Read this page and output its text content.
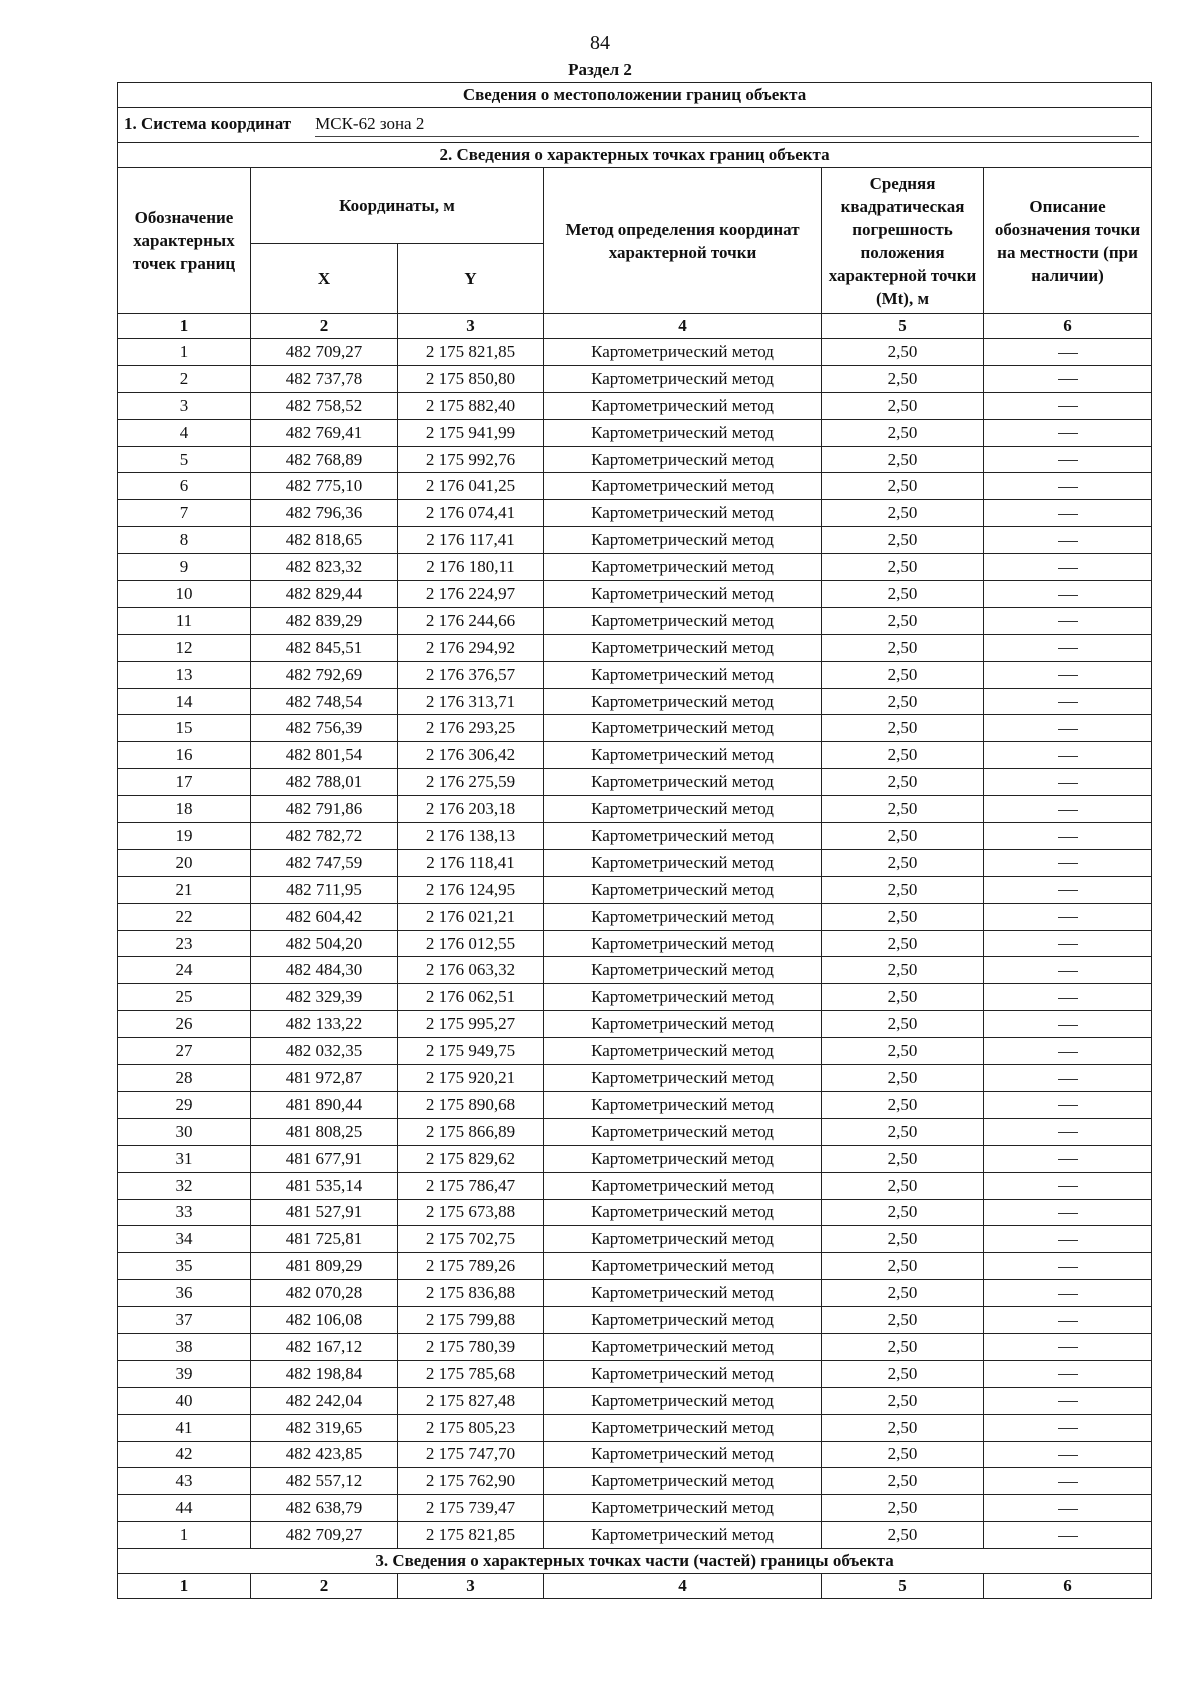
84
Раздел 2
Сведения о местоположении границ объекта					

1. Система координат МСК-62 зона 2					

2. Сведения о характерных точках границ объекта					
Обозначение характерных точек границ	Координаты, м		Метод определения координат характерной точки	Средняя квадратическая погрешность положения характерной точки (Mt), м	Описание обозначения точки на местности (при наличии)
	X	Y			
1	2	3	4	5	6
1	482 709,27	2 175 821,85	Картометрический метод	2,50	
2	482 737,78	2 175 850,80	Картометрический метод	2,50	
3	482 758,52	2 175 882,40	Картометрический метод	2,50	
4	482 769,41	2 175 941,99	Картометрический метод	2,50	
5	482 768,89	2 175 992,76	Картометрический метод	2,50	
6	482 775,10	2 176 041,25	Картометрический метод	2,50	
7	482 796,36	2 176 074,41	Картометрический метод	2,50	
8	482 818,65	2 176 117,41	Картометрический метод	2,50	
9	482 823,32	2 176 180,11	Картометрический метод	2,50	
10	482 829,44	2 176 224,97	Картометрический метод	2,50	
11	482 839,29	2 176 244,66	Картометрический метод	2,50	
12	482 845,51	2 176 294,92	Картометрический метод	2,50	
13	482 792,69	2 176 376,57	Картометрический метод	2,50	
14	482 748,54	2 176 313,71	Картометрический метод	2,50	
15	482 756,39	2 176 293,25	Картометрический метод	2,50	
16	482 801,54	2 176 306,42	Картометрический метод	2,50	
17	482 788,01	2 176 275,59	Картометрический метод	2,50	
18	482 791,86	2 176 203,18	Картометрический метод	2,50	
19	482 782,72	2 176 138,13	Картометрический метод	2,50	
20	482 747,59	2 176 118,41	Картометрический метод	2,50	
21	482 711,95	2 176 124,95	Картометрический метод	2,50	
22	482 604,42	2 176 021,21	Картометрический метод	2,50	
23	482 504,20	2 176 012,55	Картометрический метод	2,50	
24	482 484,30	2 176 063,32	Картометрический метод	2,50	
25	482 329,39	2 176 062,51	Картометрический метод	2,50	
26	482 133,22	2 175 995,27	Картометрический метод	2,50	
27	482 032,35	2 175 949,75	Картометрический метод	2,50	
28	481 972,87	2 175 920,21	Картометрический метод	2,50	
29	481 890,44	2 175 890,68	Картометрический метод	2,50	
30	481 808,25	2 175 866,89	Картометрический метод	2,50	
31	481 677,91	2 175 829,62	Картометрический метод	2,50	
32	481 535,14	2 175 786,47	Картометрический метод	2,50	
33	481 527,91	2 175 673,88	Картометрический метод	2,50	
34	481 725,81	2 175 702,75	Картометрический метод	2,50	
35	481 809,29	2 175 789,26	Картометрический метод	2,50	
36	482 070,28	2 175 836,88	Картометрический метод	2,50	
37	482 106,08	2 175 799,88	Картометрический метод	2,50	
38	482 167,12	2 175 780,39	Картометрический метод	2,50	
39	482 198,84	2 175 785,68	Картометрический метод	2,50	
40	482 242,04	2 175 827,48	Картометрический метод	2,50	
41	482 319,65	2 175 805,23	Картометрический метод	2,50	
42	482 423,85	2 175 747,70	Картометрический метод	2,50	
43	482 557,12	2 175 762,90	Картометрический метод	2,50	
44	482 638,79	2 175 739,47	Картометрический метод	2,50	
1	482 709,27	2 175 821,85	Картометрический метод	2,50	
3. Сведения о характерных точках части (частей) границы объекта					
1	2	3	4	5	6
